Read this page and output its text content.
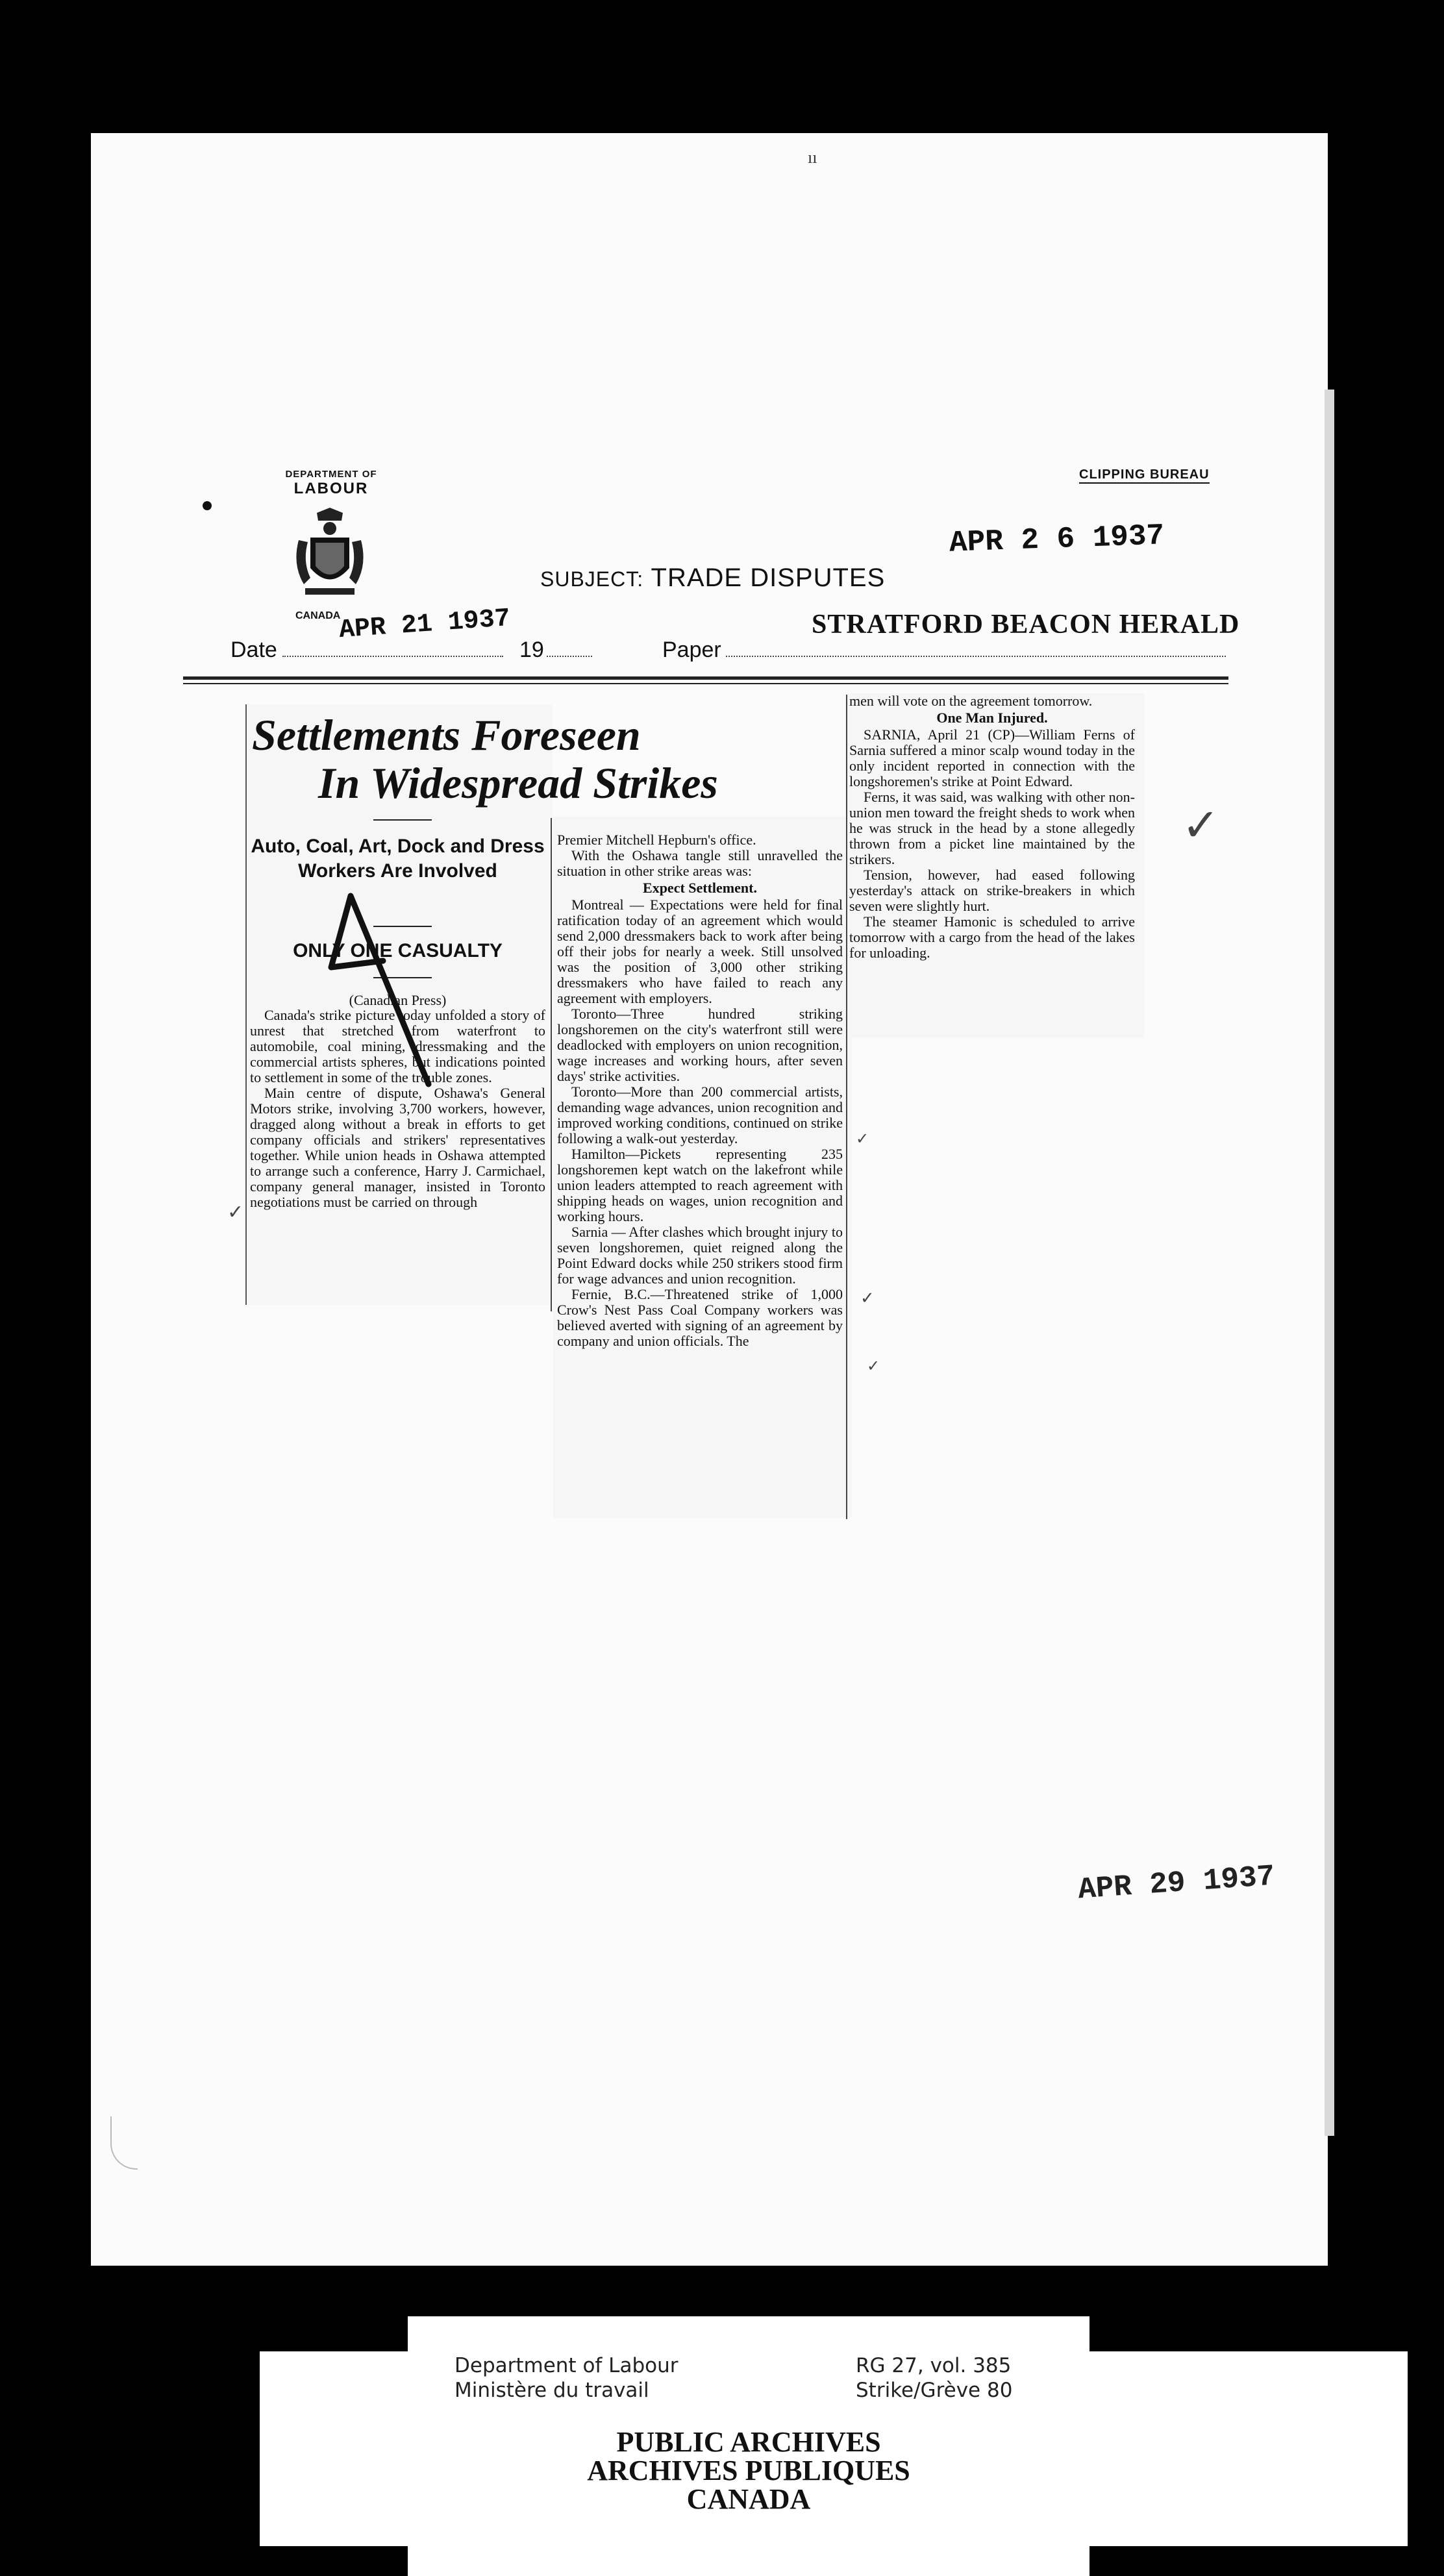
ıı
DEPARTMENT OF
LABOUR
CANADA
CLIPPING BUREAU
APR 2 6 1937
SUBJECT: TRADE DISPUTES
Date
APR 21 1937
19	Paper
STRATFORD BEACON HERALD
Settlements Foreseen
In Widespread Strikes
Auto, Coal, Art, Dock and Dress Workers Are Involved
ONLY ONE CASUALTY
(Canadian Press)

Canada's strike picture today unfolded a story of unrest that stretched from waterfront to automobile, coal mining, dressmaking and the commercial artists spheres, but indications pointed to settlement in some of the trouble zones.

Main centre of dispute, Oshawa's General Motors strike, involving 3,700 workers, however, dragged along without a break in efforts to get company officials and strikers' representatives together. While union heads in Oshawa attempted to arrange such a conference, Harry J. Carmichael, company general manager, insisted in Toronto negotiations must be carried on through

Premier Mitchell Hepburn's office.

With the Oshawa tangle still unravelled the situation in other strike areas was:

Expect Settlement.

Montreal — Expectations were held for final ratification today of an agreement which would send 2,000 dressmakers back to work after being off their jobs for nearly a week. Still unsolved was the position of 3,000 other striking dressmakers who have failed to reach any agreement with employers.

Toronto—Three hundred striking longshoremen on the city's waterfront still were deadlocked with employers on union recognition, wage increases and working hours, after seven days' strike activities.

Toronto—More than 200 commercial artists, demanding wage advances, union recognition and improved working conditions, continued on strike following a walk-out yesterday.

Hamilton—Pickets representing 235 longshoremen kept watch on the lakefront while union leaders attempted to reach agreement with shipping heads on wages, union recognition and working hours.

Sarnia — After clashes which brought injury to seven longshoremen, quiet reigned along the Point Edward docks while 250 strikers stood firm for wage advances and union recognition.

Fernie, B.C.—Threatened strike of 1,000 Crow's Nest Pass Coal Company workers was believed averted with signing of an agreement by company and union officials. The

men will vote on the agreement tomorrow.

One Man Injured.

SARNIA, April 21 (CP)—William Ferns of Sarnia suffered a minor scalp wound today in the only incident reported in connection with the longshoremen's strike at Point Edward.

Ferns, it was said, was walking with other non-union men toward the freight sheds to work when he was struck in the head by a stone allegedly thrown from a picket line maintained by the strikers.

Tension, however, had eased following yesterday's attack on strike-breakers in which seven were slightly hurt.

The steamer Hamonic is scheduled to arrive tomorrow with a cargo from the head of the lakes for unloading.

✓
✓
✓
✓
✓
APR 29 1937
Department of Labour
Ministère du travail
RG 27, vol. 385
Strike/Grève 80
PUBLIC ARCHIVES
ARCHIVES PUBLIQUES
CANADA
